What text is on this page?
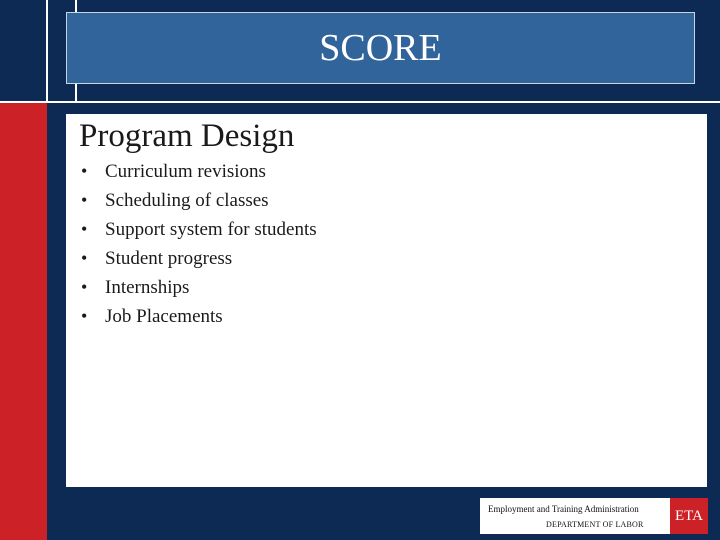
SCORE
Program Design
• Curriculum revisions
• Scheduling of classes
• Support system for students
• Student progress
• Internships
• Job Placements
Employment and Training Administration
DEPARTMENT OF LABOR
ETA
